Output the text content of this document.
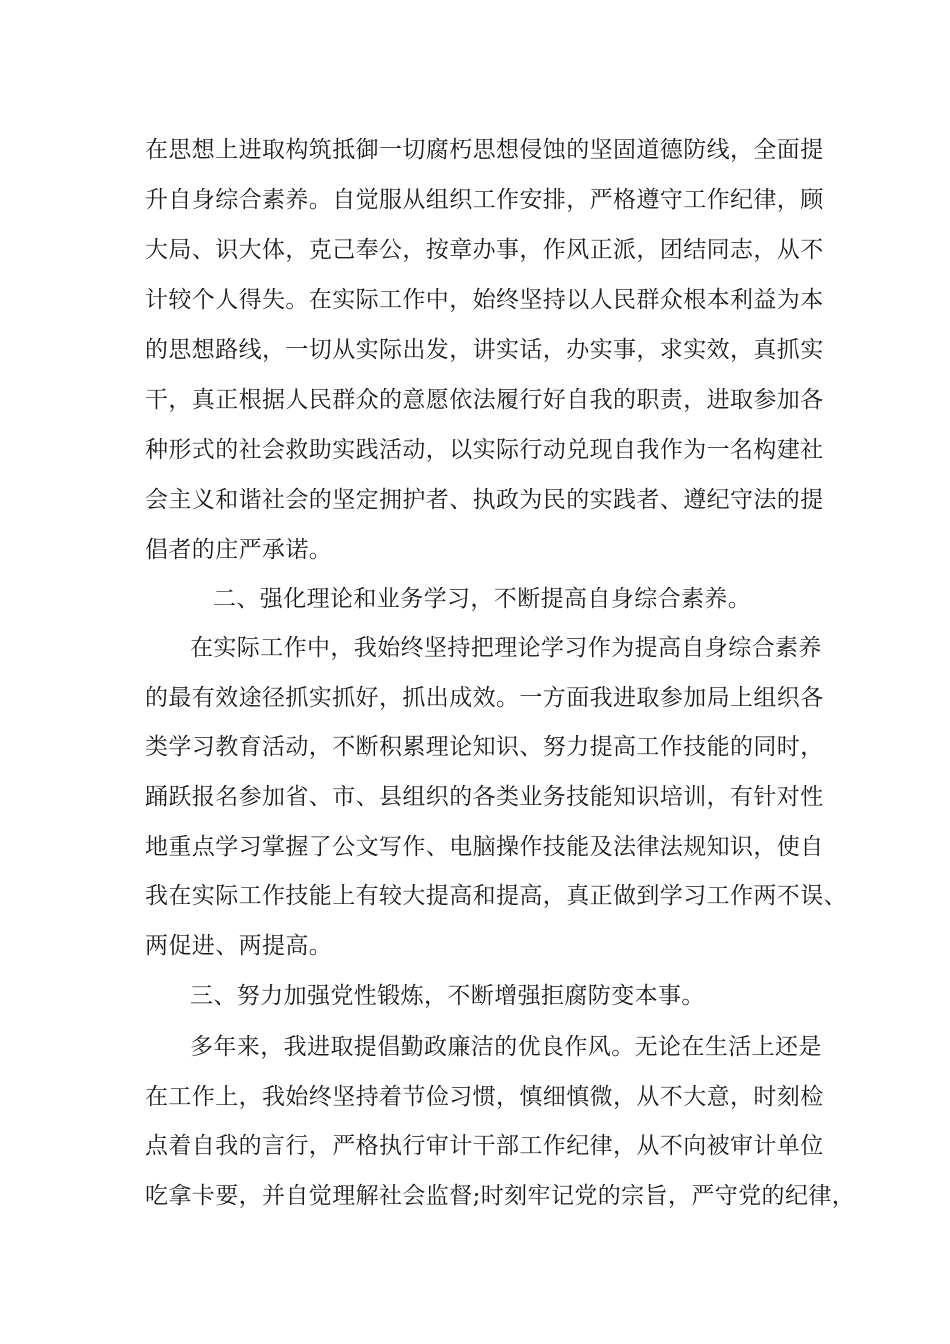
在思想上进取构筑抵御一切腐朽思想侵蚀的坚固道德防线，全面提
升自身综合素养。自觉服从组织工作安排，严格遵守工作纪律，顾
大局、识大体，克己奉公，按章办事，作风正派，团结同志，从不
计较个人得失。在实际工作中，始终坚持以人民群众根本利益为本
的思想路线，一切从实际出发，讲实话，办实事，求实效，真抓实
干，真正根据人民群众的意愿依法履行好自我的职责，进取参加各
种形式的社会救助实践活动，以实际行动兑现自我作为一名构建社
会主义和谐社会的坚定拥护者、执政为民的实践者、遵纪守法的提
倡者的庄严承诺。
二、强化理论和业务学习，不断提高自身综合素养。
在实际工作中，我始终坚持把理论学习作为提高自身综合素养
的最有效途径抓实抓好，抓出成效。一方面我进取参加局上组织各
类学习教育活动，不断积累理论知识、努力提高工作技能的同时，
踊跃报名参加省、市、县组织的各类业务技能知识培训，有针对性
地重点学习掌握了公文写作、电脑操作技能及法律法规知识，使自
我在实际工作技能上有较大提高和提高，真正做到学习工作两不误、
两促进、两提高。
三、努力加强党性锻炼，不断增强拒腐防变本事。
多年来，我进取提倡勤政廉洁的优良作风。无论在生活上还是
在工作上，我始终坚持着节俭习惯，慎细慎微，从不大意，时刻检
点着自我的言行，严格执行审计干部工作纪律，从不向被审计单位
吃拿卡要，并自觉理解社会监督;时刻牢记党的宗旨，严守党的纪律，
